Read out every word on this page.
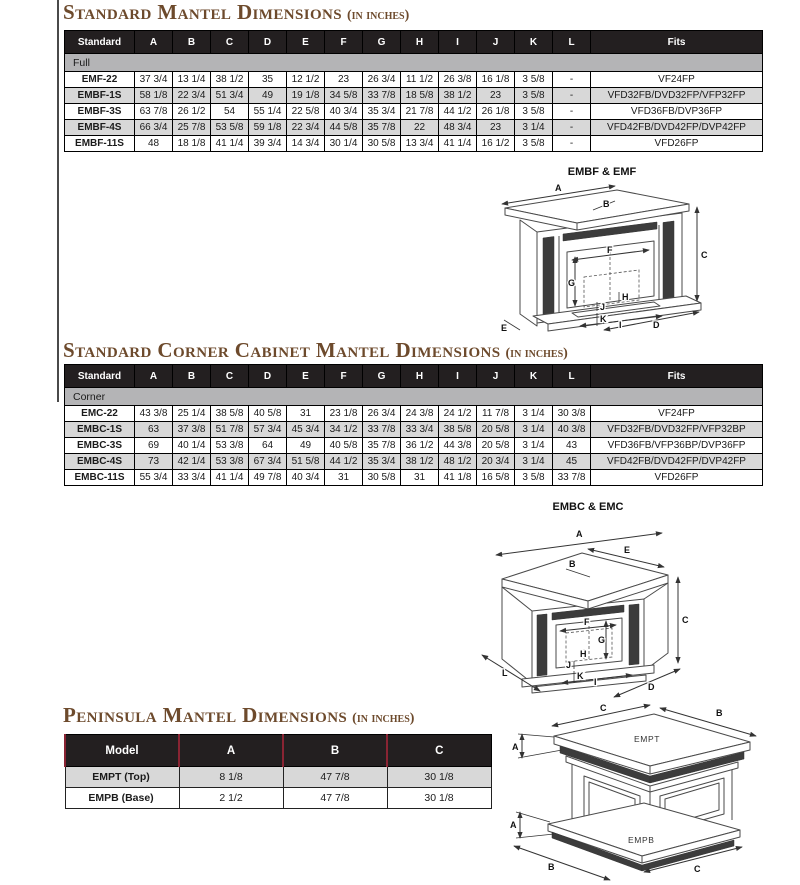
Standard Mantel Dimensions (in inches)
Standard	A	B	C	D	E	F	G	H	I	J	K	L	Fits
Full													
EMF-22	37 3/4	13 1/4	38 1/2	35	12 1/2	23	26 3/4	11 1/2	26 3/8	16 1/8	3 5/8	-	VF24FP
EMBF-1S	58 1/8	22 3/4	51 3/4	49	19 1/8	34 5/8	33 7/8	18 5/8	38 1/2	23	3 5/8	-	VFD32FB/DVD32FP/VFP32FP
EMBF-3S	63 7/8	26 1/2	54	55 1/4	22 5/8	40 3/4	35 3/4	21 7/8	44 1/2	26 1/8	3 5/8	-	VFD36FB/DVP36FP
EMBF-4S	66 3/4	25 7/8	53 5/8	59 1/8	22 3/4	44 5/8	35 7/8	22	48 3/4	23	3 1/4	-	VFD42FB/DVD42FP/DVP42FP
EMBF-11S	48	18 1/8	41 1/4	39 3/4	14 3/4	30 1/4	30 5/8	13 3/4	41 1/4	16 1/2	3 5/8	-	VFD26FP
EMBF & EMF
A
B
C
D
E
F
G
H
I
J
K
Standard Corner Cabinet Mantel Dimensions (in inches)
Standard	A	B	C	D	E	F	G	H	I	J	K	L	Fits
Corner													
EMC-22	43 3/8	25 1/4	38 5/8	40 5/8	31	23 1/8	26 3/4	24 3/8	24 1/2	11 7/8	3 1/4	30 3/8	VF24FP
EMBC-1S	63	37 3/8	51 7/8	57 3/4	45 3/4	34 1/2	33 7/8	33 3/4	38 5/8	20 5/8	3 1/4	40 3/8	VFD32FB/DVD32FP/VFP32BP
EMBC-3S	69	40 1/4	53 3/8	64	49	40 5/8	35 7/8	36 1/2	44 3/8	20 5/8	3 1/4	43	VFD36FB/VFP36BP/DVP36FP
EMBC-4S	73	42 1/4	53 3/8	67 3/4	51 5/8	44 1/2	35 3/4	38 1/2	48 1/2	20 3/4	3 1/4	45	VFD42FB/DVD42FP/DVP42FP
EMBC-11S	55 3/4	33 3/4	41 1/4	49 7/8	40 3/4	31	30 5/8	31	41 1/8	16 5/8	3 5/8	33 7/8	VFD26FP
EMBC & EMC
A
B
C
D
E
F
G
H
I
J
K
L
Peninsula Mantel Dimensions (in inches)
Model	A	B	C
EMPT (Top)	8 1/8	47 7/8	30 1/8
EMPB (Base)	2 1/2	47 7/8	30 1/8
EMPT
EMPB
A
A
C	B
B	C
